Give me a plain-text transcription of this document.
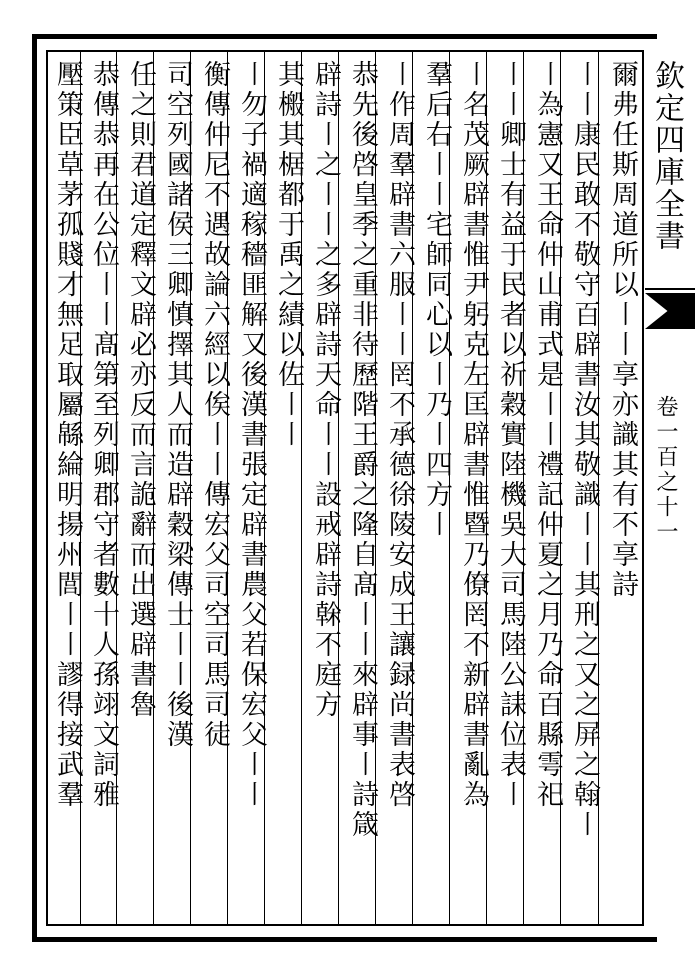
欽定四庫全書
卷一百之十一
爾弗任斯周道所以〡〡享亦識其有不享詩
〡〡康民敢不敬守百辟書汝其敬識〡〡其刑之又之屏之翰〡
〡為憲又王命仲山甫式是〡〡禮記仲夏之月乃命百縣雩祀
〡〡卿士有益于民者以祈穀實陸機吳大司馬陸公誄位表〡
〡名茂厥辟書惟尹躬克左匡辟書惟暨乃僚罔不新辟書亂為
羣后右〡〡宅師同心以〡乃〡四方〡
〡作周羣辟書六服〡〡罔不承德徐陵安成王讓録尚書表啓
恭先後啓皇季之重非待歷階王爵之隆自髙〡〡來辟事〡詩箴
辟詩〡之〡〡之多辟詩天命〡〡設戒辟詩榦不庭方
其㮽其椐都于禹之績以佐〡〡
〡勿子禍適稼穡匪解又後漢書張定辟書農父若保宏父〡〡
衡傳仲尼不遇故論六經以俟〡〡傳宏父司空司馬司徒
司空列國諸侯三卿慎擇其人而造辟穀梁傳士〡〡後漢
任之則君道定釋文辟必亦反而言詭辭而出選辟書魯
恭傳恭再在公位〡〡髙第至列卿郡守者數十人孫翊文詞雅
壓策臣草茅孤賤才無足取屬緜綸明揚州閭〡〡謬得接武羣
